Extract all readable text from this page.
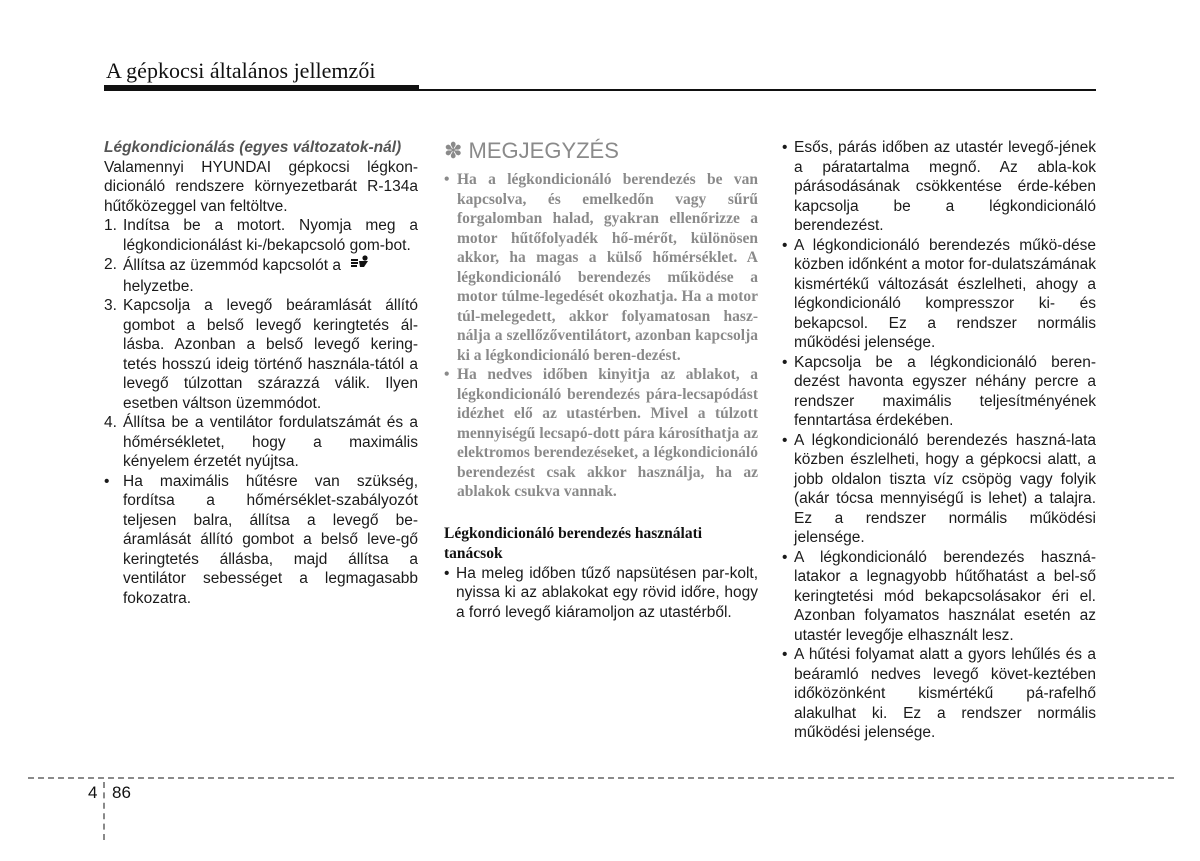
A gépkocsi általános jellemzői

Légkondicionálás (egyes változatok-nál)

Valamennyi HYUNDAI gépkocsi légkon-dicionáló rendszere környezetbarát R-134a hűtőközeggel van feltöltve.

1. Indítsa be a motort. Nyomja meg a légkondicionálást ki-/bekapcsoló gom-bot.
2. Állítsa az üzemmód kapcsolót a
helyzetbe.
3. Kapcsolja a levegő beáramlását állító gombot a belső levegő keringtetés ál-lásba. Azonban a belső levegő kering-tetés hosszú ideig történő használa-tától a levegő túlzottan szárazzá válik. Ilyen esetben váltson üzemmódot.
4. Állítsa be a ventilátor fordulatszámát és a hőmérsékletet, hogy a maximális kényelem érzetét nyújtsa.
• Ha maximális hűtésre van szükség, fordítsa a hőmérséklet-szabályozót teljesen balra, állítsa a levegő be-áramlását állító gombot a belső leve-gő keringtetés állásba, majd állítsa a ventilátor sebességet a legmagasabb fokozatra.

✽ MEGJEGYZÉS

• Ha a légkondicionáló berendezés be van kapcsolva, és emelkedőn vagy sűrű forgalomban halad, gyakran ellenőrizze a motor hűtőfolyadék hő-mérőt, különösen akkor, ha magas a külső hőmérséklet. A légkondicionáló berendezés működése a motor túlme-legedését okozhatja. Ha a motor túl-melegedett, akkor folyamatosan hasz-nálja a szellőzőventilátort, azonban kapcsolja ki a légkondicionáló beren-dezést.
• Ha nedves időben kinyitja az ablakot, a légkondicionáló berendezés pára-lecsapódást idézhet elő az utastérben. Mivel a túlzott mennyiségű lecsapó-dott pára károsíthatja az elektromos berendezéseket, a légkondicionáló berendezést csak akkor használja, ha az ablakok csukva vannak.

Légkondicionáló berendezés használati tanácsok

• Ha meleg időben tűző napsütésen par-kolt, nyissa ki az ablakokat egy rövid időre, hogy a forró levegő kiáramoljon az utastérből.
• Esős, párás időben az utastér levegő-jének a páratartalma megnő. Az abla-kok párásodásának csökkentése érde-kében kapcsolja be a légkondicionáló berendezést.
• A légkondicionáló berendezés műkö-dése közben időnként a motor for-dulatszámának kismértékű változását észlelheti, ahogy a légkondicionáló kompresszor ki- és bekapcsol. Ez a rendszer normális működési jelensége.
• Kapcsolja be a légkondicionáló beren-dezést havonta egyszer néhány percre a rendszer maximális teljesítményének fenntartása érdekében.
• A légkondicionáló berendezés haszná-lata közben észlelheti, hogy a gépkocsi alatt, a jobb oldalon tiszta víz csöpög vagy folyik (akár tócsa mennyiségű is lehet) a talajra. Ez a rendszer normális működési jelensége.
• A légkondicionáló berendezés haszná-latakor a legnagyobb hűtőhatást a bel-ső keringtetési mód bekapcsolásakor éri el. Azonban folyamatos használat esetén az utastér levegője elhasznált lesz.
• A hűtési folyamat alatt a gyors lehűlés és a beáramló nedves levegő követ-keztében időközönként kismértékű pá-rafelhő alakulhat ki. Ez a rendszer normális működési jelensége.
4 86
